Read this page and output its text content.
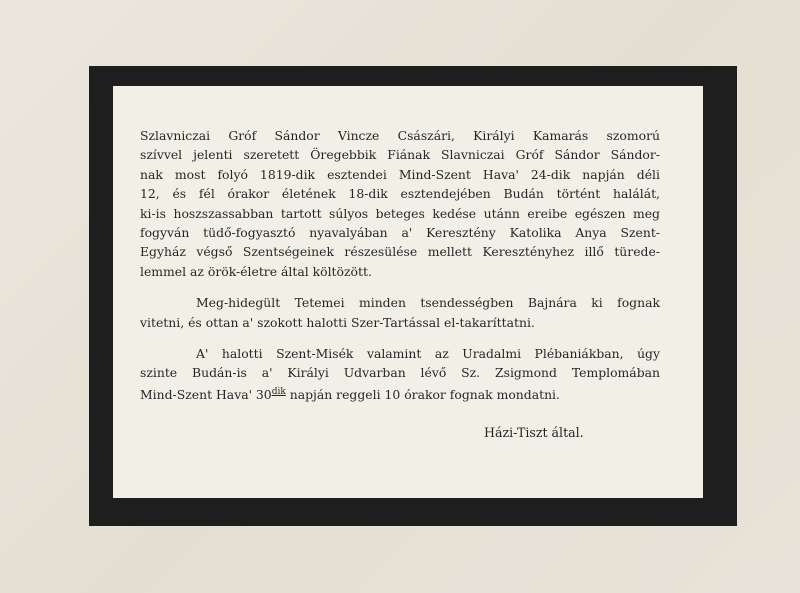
Szlavniczai Gróf Sándor Vincze Császári, Királyi Kamarás szomorú
szívvel jelenti szeretett Öregebbik Fiának Slavniczai Gróf Sándor Sándor-
nak most folyó 1819-dik esztendei Mind-Szent Hava' 24-dik napján déli
12, és fél órakor életének 18-dik esztendejében Budán történt halálát,
ki-is hoszszassabban tartott súlyos beteges kedése utánn ereibe egészen meg
fogyván tüdő-fogyasztó nyavalyában a' Keresztény Katolika Anya Szent-
Egyház végső Szentségeinek részesülése mellett Keresztényhez illő türede-
lemmel az örök-életre által költözött.

Meg-hidegült Tetemei minden tsendességben Bajnára ki fognak
vitetni, és ottan a' szokott halotti Szer-Tartással el-takaríttatni.

A' halotti Szent-Misék valamint az Uradalmi Plébaniákban, úgy
szinte Budán-is a' Királyi Udvarban lévő Sz. Zsigmond Templomában
Mind-Szent Hava' $30^{dik}$ napján reggeli 10 órakor fognak mondatni.

Házi-Tiszt által.
